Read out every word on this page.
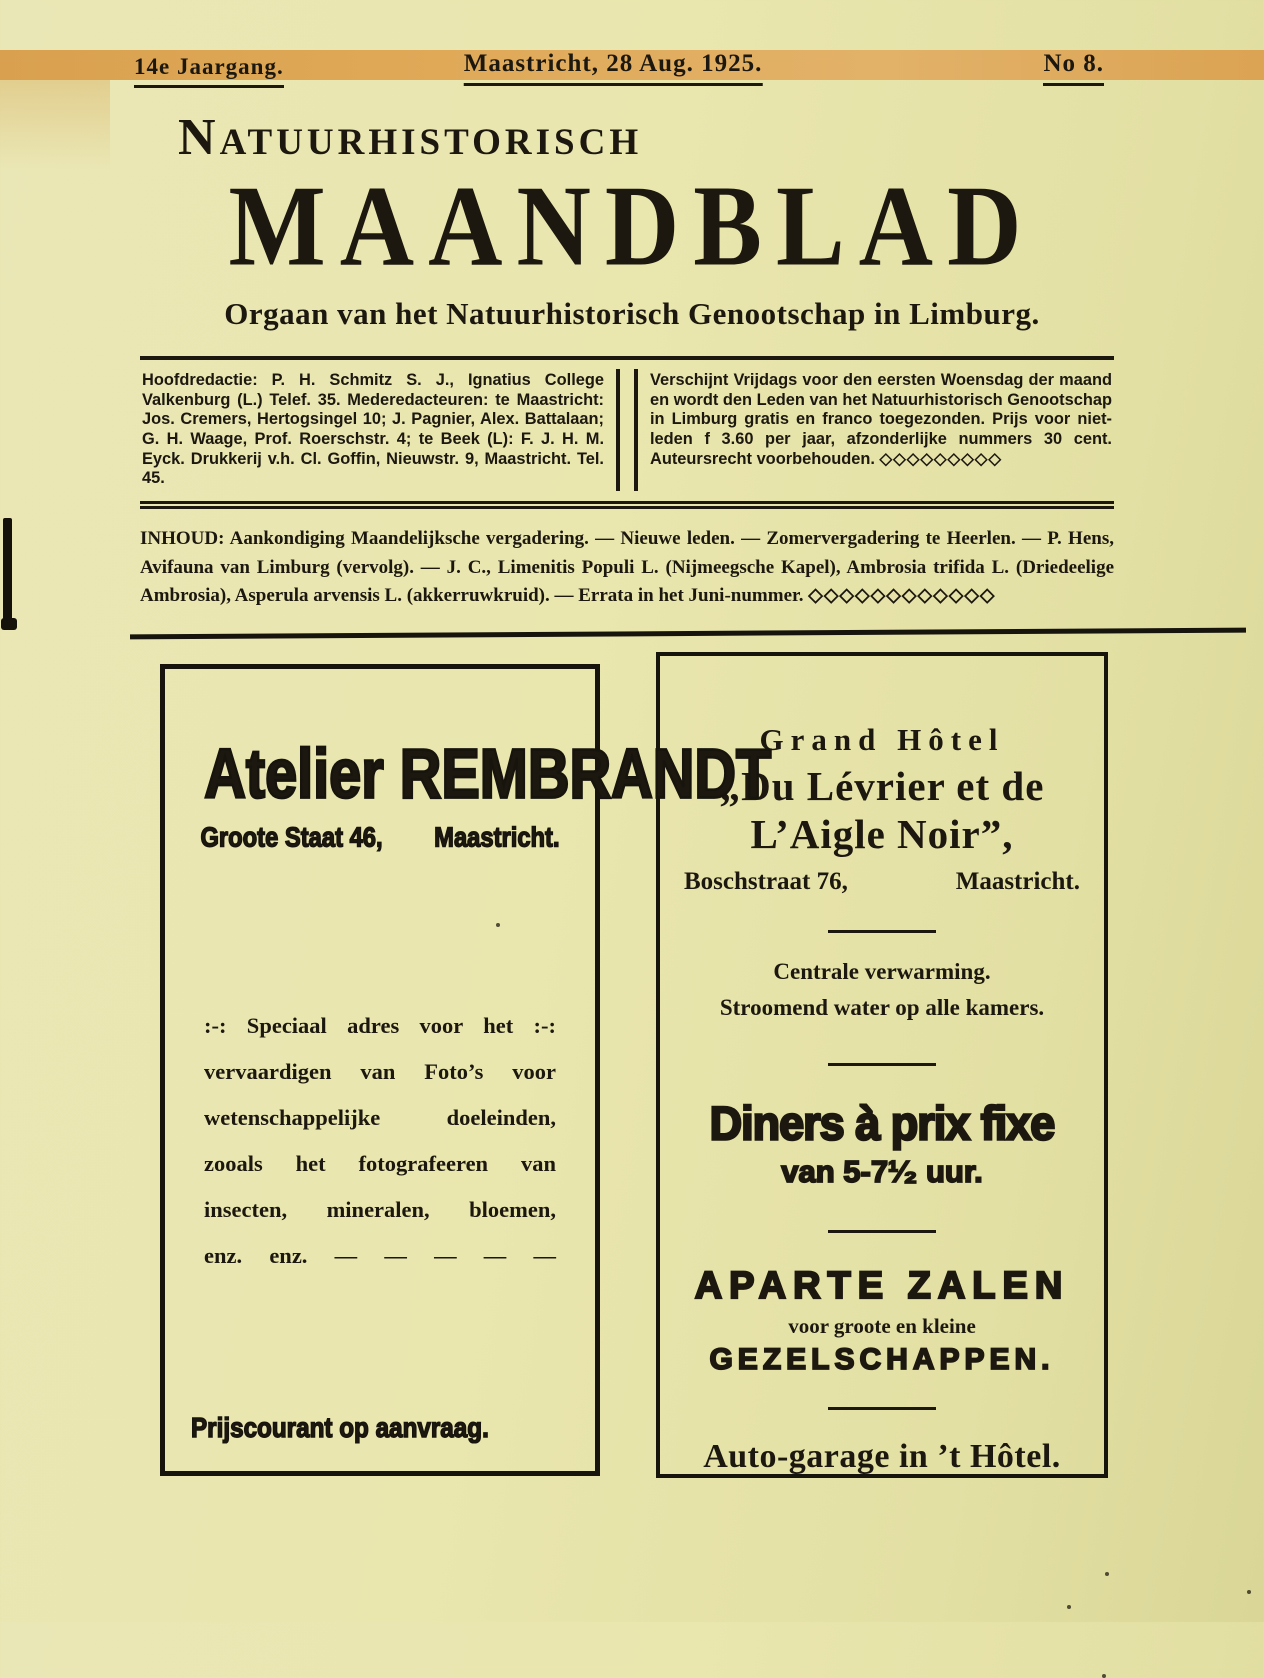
14e Jaargang.	Maastricht, 28 Aug. 1925.	No 8.
NATUURHISTORISCH
MAANDBLAD
Orgaan van het Natuurhistorisch Genootschap in Limburg.
Hoofdredactie: P. H. Schmitz S. J., Ignatius College Valkenburg (L.) Telef. 35. Mederedacteuren: te Maastricht: Jos. Cremers, Hertogsingel 10; J. Pagnier, Alex. Battalaan; G. H. Waage, Prof. Roerschstr. 4; te Beek (L): F. J. H. M. Eyck. Drukkerij v.h. Cl. Goffin, Nieuwstr. 9, Maastricht. Tel. 45.
Verschijnt Vrijdags voor den eersten Woensdag der maand en wordt den Leden van het Natuurhistorisch Genootschap in Limburg gratis en franco toegezonden. Prijs voor niet-leden f 3.60 per jaar, afzonderlijke nummers 30 cent. Auteursrecht voorbehouden. ◇◇◇◇◇◇◇◇◇
INHOUD: Aankondiging Maandelijksche vergadering. — Nieuwe leden. — Zomervergadering te Heerlen. — P. Hens, Avifauna van Limburg (vervolg). — J. C., Limenitis Populi L. (Nijmeegsche Kapel), Ambrosia trifida L. (Driedeelige Ambrosia), Asperula arvensis L. (akkerruwkruid). — Errata in het Juni-nummer. ◇◇◇◇◇◇◇◇◇◇◇◇
Atelier REMBRANDT
Groote Staat 46, Maastricht.
:-: Speciaal adres voor het :-:
vervaardigen van Foto’s voor
wetenschappelijke doeleinden,
zooals het fotografeeren van
insecten, mineralen, bloemen,
enz. enz. — — — — —
Prijscourant op aanvraag.
Grand Hôtel
„Du Lévrier et de
L’Aigle Noir”,
Boschstraat 76,	Maastricht.
Centrale verwarming.
Stroomend water op alle kamers.
Diners à prix fixe
van 5-7¹⁄₂ uur.
APARTE ZALEN
voor groote en kleine
GEZELSCHAPPEN.
Auto-garage in ’t Hôtel.
